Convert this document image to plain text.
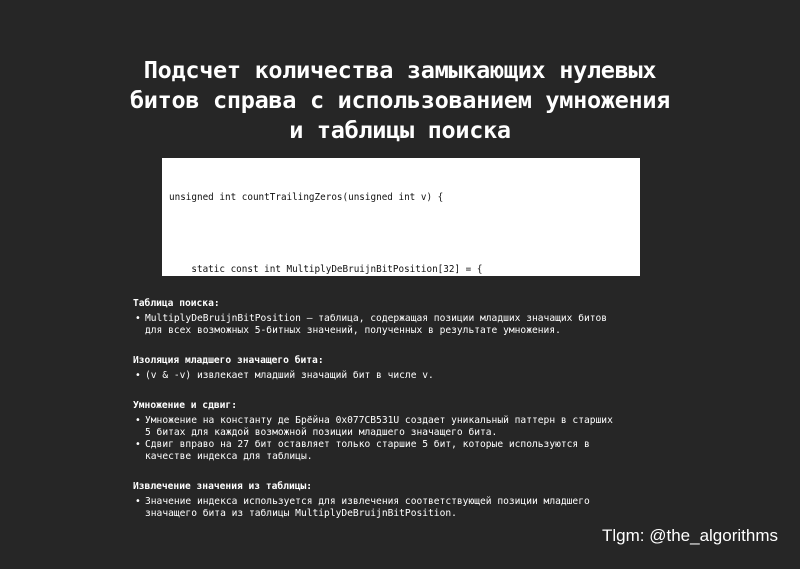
Подсчет количества замыкающих нулевых
битов справа с использованием умножения
и таблицы поиска

unsigned int countTrailingZeros(unsigned int v) {

static const int MultiplyDeBruijnBitPosition[32] = {

Таблица поиска:
• MultiplyDeBruijnBitPosition — таблица, содержащая позиции младших значащих битов
для всех возможных 5-битных значений, полученных в результате умножения.
Изоляция младшего значащего бита:
• (v & -v) извлекает младший значащий бит в числе v.
Умножение и сдвиг:
• Умножение на константу де Брёйна 0x077CB531U создает уникальный паттерн в старших
5 битах для каждой возможной позиции младшего значащего бита.
• Сдвиг вправо на 27 бит оставляет только старшие 5 бит, которые используются в
качестве индекса для таблицы.
Извлечение значения из таблицы:
• Значение индекса используется для извлечения соответствующей позиции младшего
значащего бита из таблицы MultiplyDeBruijnBitPosition.
Tlgm: @the_algorithms
